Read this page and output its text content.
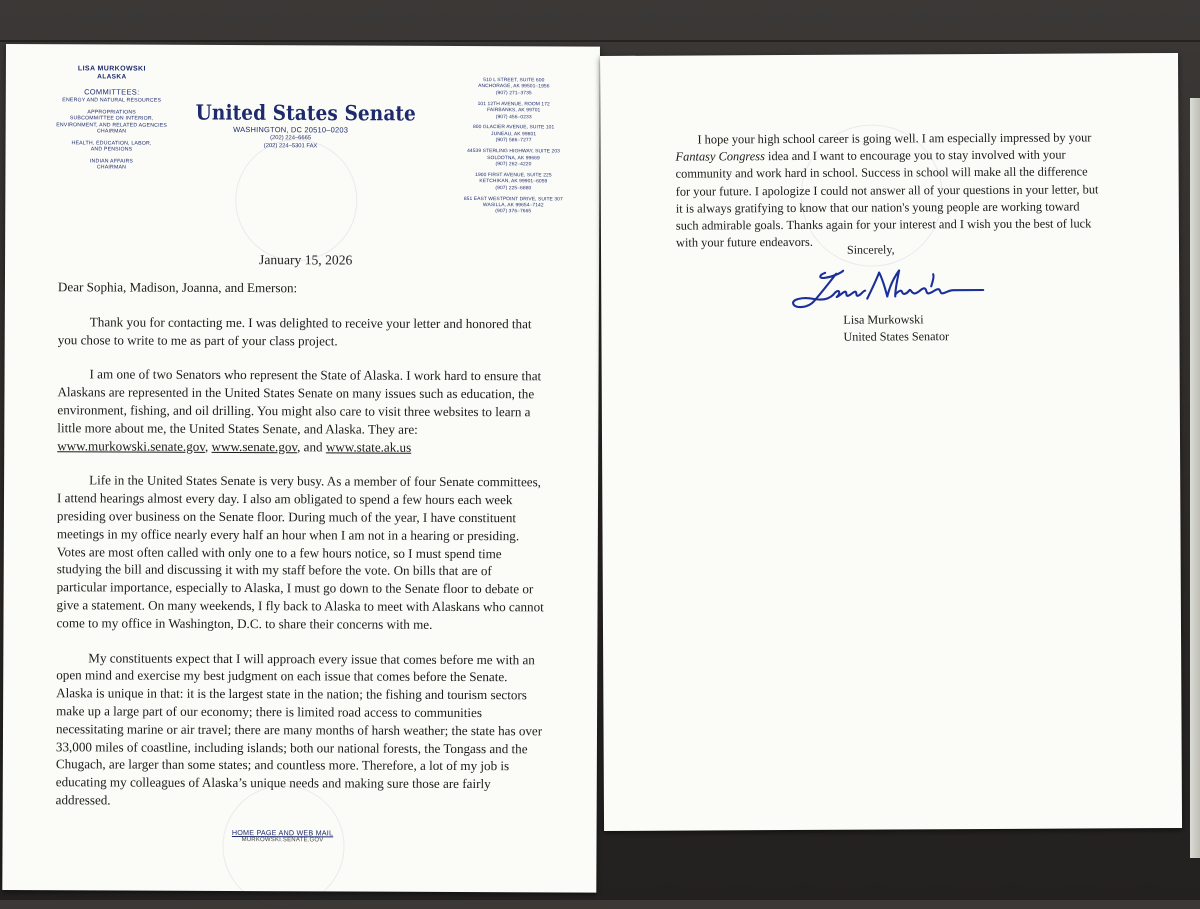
LISA MURKOWSKI
ALASKA
COMMITTEES:
ENERGY AND NATURAL RESOURCES
APPROPRIATIONS
SUBCOMMITTEE ON INTERIOR,
ENVIRONMENT, AND RELATED AGENCIES
CHAIRMAN
HEALTH, EDUCATION, LABOR,
AND PENSIONS
INDIAN AFFAIRS
CHAIRMAN
United States Senate
WASHINGTON, DC 20510–0203
(202) 224–6665
(202) 224–5301 FAX
510 L STREET, SUITE 600
ANCHORAGE, AK 99501–1956
(907) 271–3735
101 12TH AVENUE, ROOM 172
FAIRBANKS, AK 99701
(907) 456–0233
800 GLACIER AVENUE, SUITE 101
JUNEAU, AK 99801
(907) 586–7277
44539 STERLING HIGHWAY, SUITE 203
SOLDOTNA, AK 99669
(907) 262–4220
1900 FIRST AVENUE, SUITE 225
KETCHIKAN, AK 99901–6059
(907) 225–6880
851 EAST WESTPOINT DRIVE, SUITE 307
WASILLA, AK 99654–7142
(907) 376–7665
January 15, 2026

Dear Sophia, Madison, Joanna, and Emerson:

Thank you for contacting me. I was delighted to receive your letter and honored that you chose to write to me as part of your class project.

I am one of two Senators who represent the State of Alaska. I work hard to ensure that Alaskans are represented in the United States Senate on many issues such as education, the environment, fishing, and oil drilling. You might also care to visit three websites to learn a little more about me, the United States Senate, and Alaska. They are:
www.murkowski.senate.gov, www.senate.gov, and www.state.ak.us

Life in the United States Senate is very busy. As a member of four Senate committees, I attend hearings almost every day. I also am obligated to spend a few hours each week presiding over business on the Senate floor. During much of the year, I have constituent meetings in my office nearly every half an hour when I am not in a hearing or presiding. Votes are most often called with only one to a few hours notice, so I must spend time studying the bill and discussing it with my staff before the vote. On bills that are of particular importance, especially to Alaska, I must go down to the Senate floor to debate or give a statement. On many weekends, I fly back to Alaska to meet with Alaskans who cannot come to my office in Washington, D.C. to share their concerns with me.

My constituents expect that I will approach every issue that comes before me with an open mind and exercise my best judgment on each issue that comes before the Senate. Alaska is unique in that: it is the largest state in the nation; the fishing and tourism sectors make up a large part of our economy; there is limited road access to communities necessitating marine or air travel; there are many months of harsh weather; the state has over 33,000 miles of coastline, including islands; both our national forests, the Tongass and the Chugach, are larger than some states; and countless more. Therefore, a lot of my job is educating my colleagues of Alaska’s unique needs and making sure those are fairly addressed.

HOME PAGE AND WEB MAIL
MURKOWSKI.SENATE.GOV
I hope your high school career is going well. I am especially impressed by your Fantasy Congress idea and I want to encourage you to stay involved with your community and work hard in school. Success in school will make all the difference for your future. I apologize I could not answer all of your questions in your letter, but it is always gratifying to know that our nation's young people are working toward such admirable goals. Thanks again for your interest and I wish you the best of luck with your future endeavors.	Sincerely,
Lisa Murkowski
United States Senator
